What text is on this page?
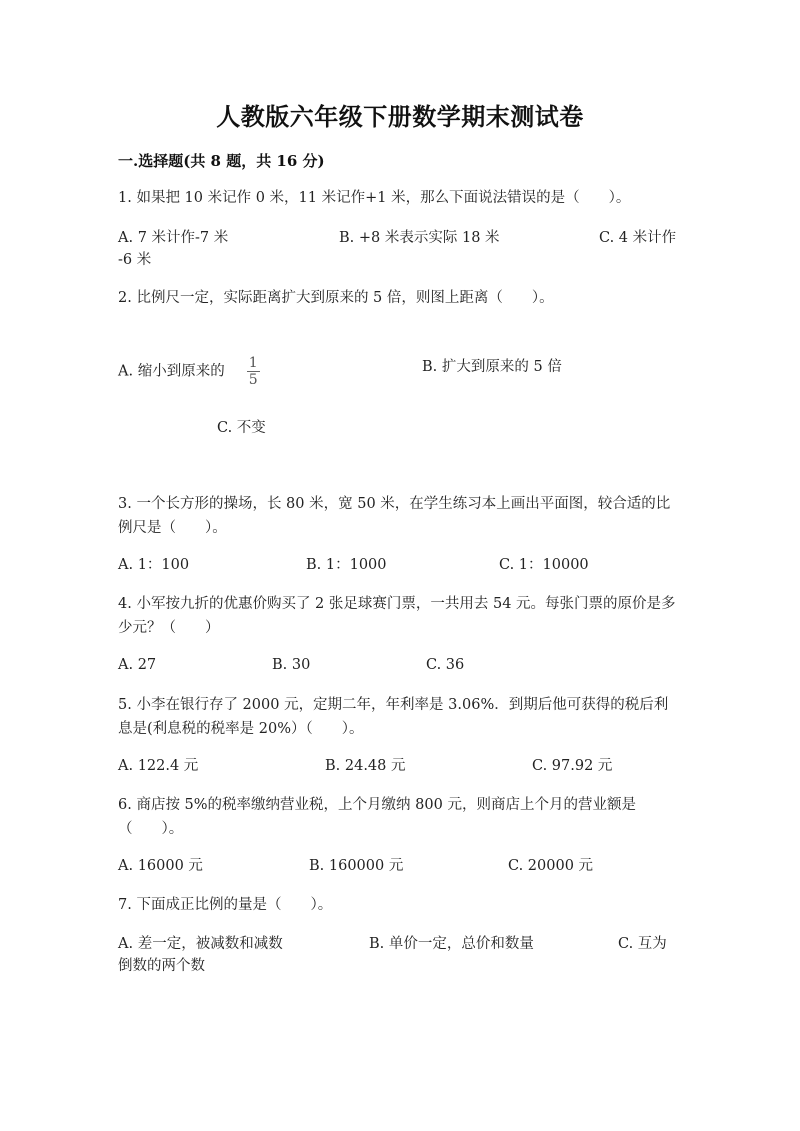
人教版六年级下册数学期末测试卷
一.选择题(共 8 题，共 16 分)
1. 如果把 10 米记作 0 米，11 米记作+1 米，那么下面说法错误的是（　　）。
A. 7 米计作-7 米	B. +8 米表示实际 18 米	C. 4 米计作
-6 米
2. 比例尺一定，实际距离扩大到原来的 5 倍，则图上距离（　　）。
A. 缩小到原来的 $\frac{1}{5}$	B. 扩大到原来的 5 倍
C. 不变
3. 一个长方形的操场，长 80 米，宽 50 米，在学生练习本上画出平面图，较合适的比例尺是（　　）。
A. 1：100	B. 1：1000	C. 1：10000
4. 小军按九折的优惠价购买了 2 张足球赛门票，一共用去 54 元。每张门票的原价是多少元？（　　）
A. 27	B. 30	C. 36
5. 小李在银行存了 2000 元，定期二年，年利率是 3.06%．到期后他可获得的税后利息是(利息税的税率是 20%）（　　）。
A. 122.4 元	B. 24.48 元	C. 97.92 元
6. 商店按 5%的税率缴纳营业税，上个月缴纳 800 元，则商店上个月的营业额是（　　）。
A. 16000 元	B. 160000 元	C. 20000 元
7. 下面成正比例的量是（　　）。
A. 差一定，被减数和减数	B. 单价一定，总价和数量	C. 互为
倒数的两个数
